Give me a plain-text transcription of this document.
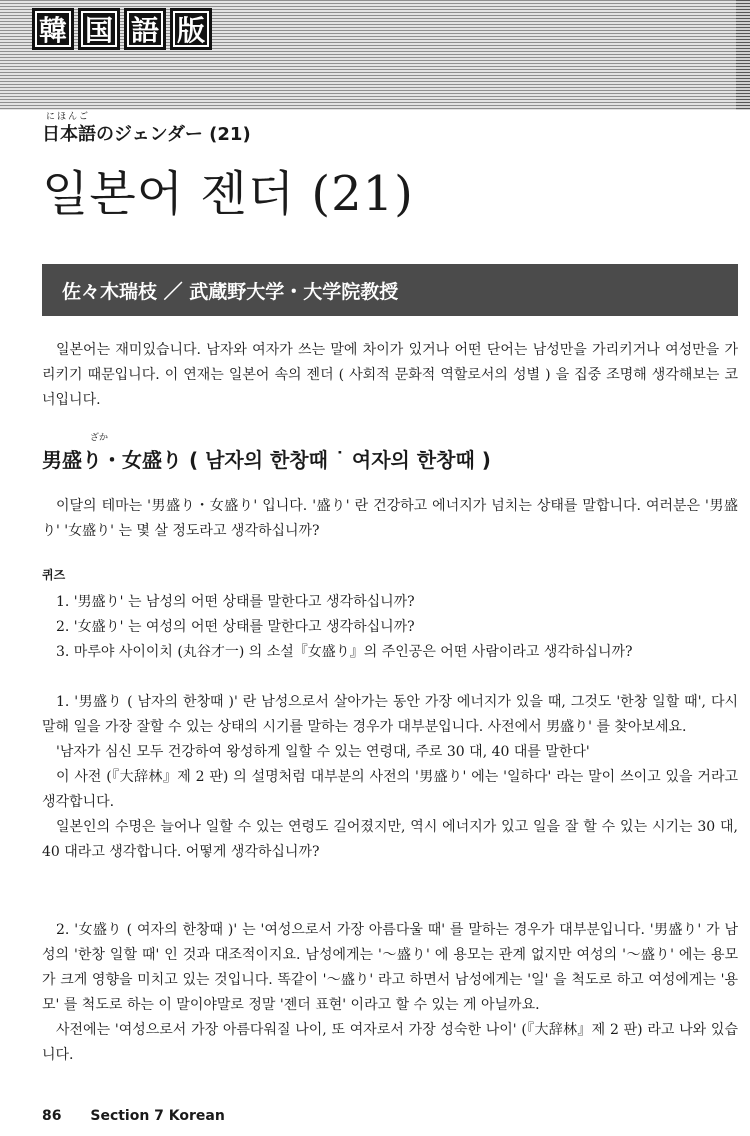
韓 国 語 版
にほんご
日本語のジェンダー (21)
일본어 젠더 (21)
佐々木瑞枝 ／ 武蔵野大学・大学院教授

일본어는 재미있습니다. 남자와 여자가 쓰는 말에 차이가 있거나 어떤 단어는 남성만을 가리키거나 여성만을 가리키기 때문입니다. 이 연재는 일본어 속의 젠더 ( 사회적 문화적 역할로서의 성별 ) 을 집중 조명해 생각해보는 코너입니다.

ざか
男盛り・女盛り ( 남자의 한창때 ˙ 여자의 한창때 )

이달의 테마는 '男盛り・女盛り' 입니다. '盛り' 란 건강하고 에너지가 넘치는 상태를 말합니다. 여러분은 '男盛り' '女盛り' 는 몇 살 정도라고 생각하십니까?

퀴즈
1. '男盛り' 는 남성의 어떤 상태를 말한다고 생각하십니까?
2. '女盛り' 는 여성의 어떤 상태를 말한다고 생각하십니까?
3. 마루야 사이이치 (丸谷才一) 의 소설『女盛り』의 주인공은 어떤 사람이라고 생각하십니까?

1. '男盛り ( 남자의 한창때 )' 란 남성으로서 살아가는 동안 가장 에너지가 있을 때, 그것도 '한창 일할 때', 다시 말해 일을 가장 잘할 수 있는 상태의 시기를 말하는 경우가 대부분입니다. 사전에서 男盛り' 를 찾아보세요.

'남자가 심신 모두 건강하여 왕성하게 일할 수 있는 연령대, 주로 30 대, 40 대를 말한다'

이 사전 (『大辞林』제 2 판) 의 설명처럼 대부분의 사전의 '男盛り' 에는 '일하다' 라는 말이 쓰이고 있을 거라고 생각합니다.

일본인의 수명은 늘어나 일할 수 있는 연령도 길어졌지만, 역시 에너지가 있고 일을 잘 할 수 있는 시기는 30 대, 40 대라고 생각합니다. 어떻게 생각하십니까?

2. '女盛り ( 여자의 한창때 )' 는 '여성으로서 가장 아름다울 때' 를 말하는 경우가 대부분입니다. '男盛り' 가 남성의 '한창 일할 때' 인 것과 대조적이지요. 남성에게는 '～盛り' 에 용모는 관계 없지만 여성의 '～盛り' 에는 용모가 크게 영향을 미치고 있는 것입니다. 똑같이 '～盛り' 라고 하면서 남성에게는 '일' 을 척도로 하고 여성에게는 '용모' 를 척도로 하는 이 말이야말로 정말 '젠더 표현' 이라고 할 수 있는 게 아닐까요.

사전에는 '여성으로서 가장 아름다워질 나이, 또 여자로서 가장 성숙한 나이' (『大辞林』제 2 판) 라고 나와 있습니다.

86 Section 7 Korean
